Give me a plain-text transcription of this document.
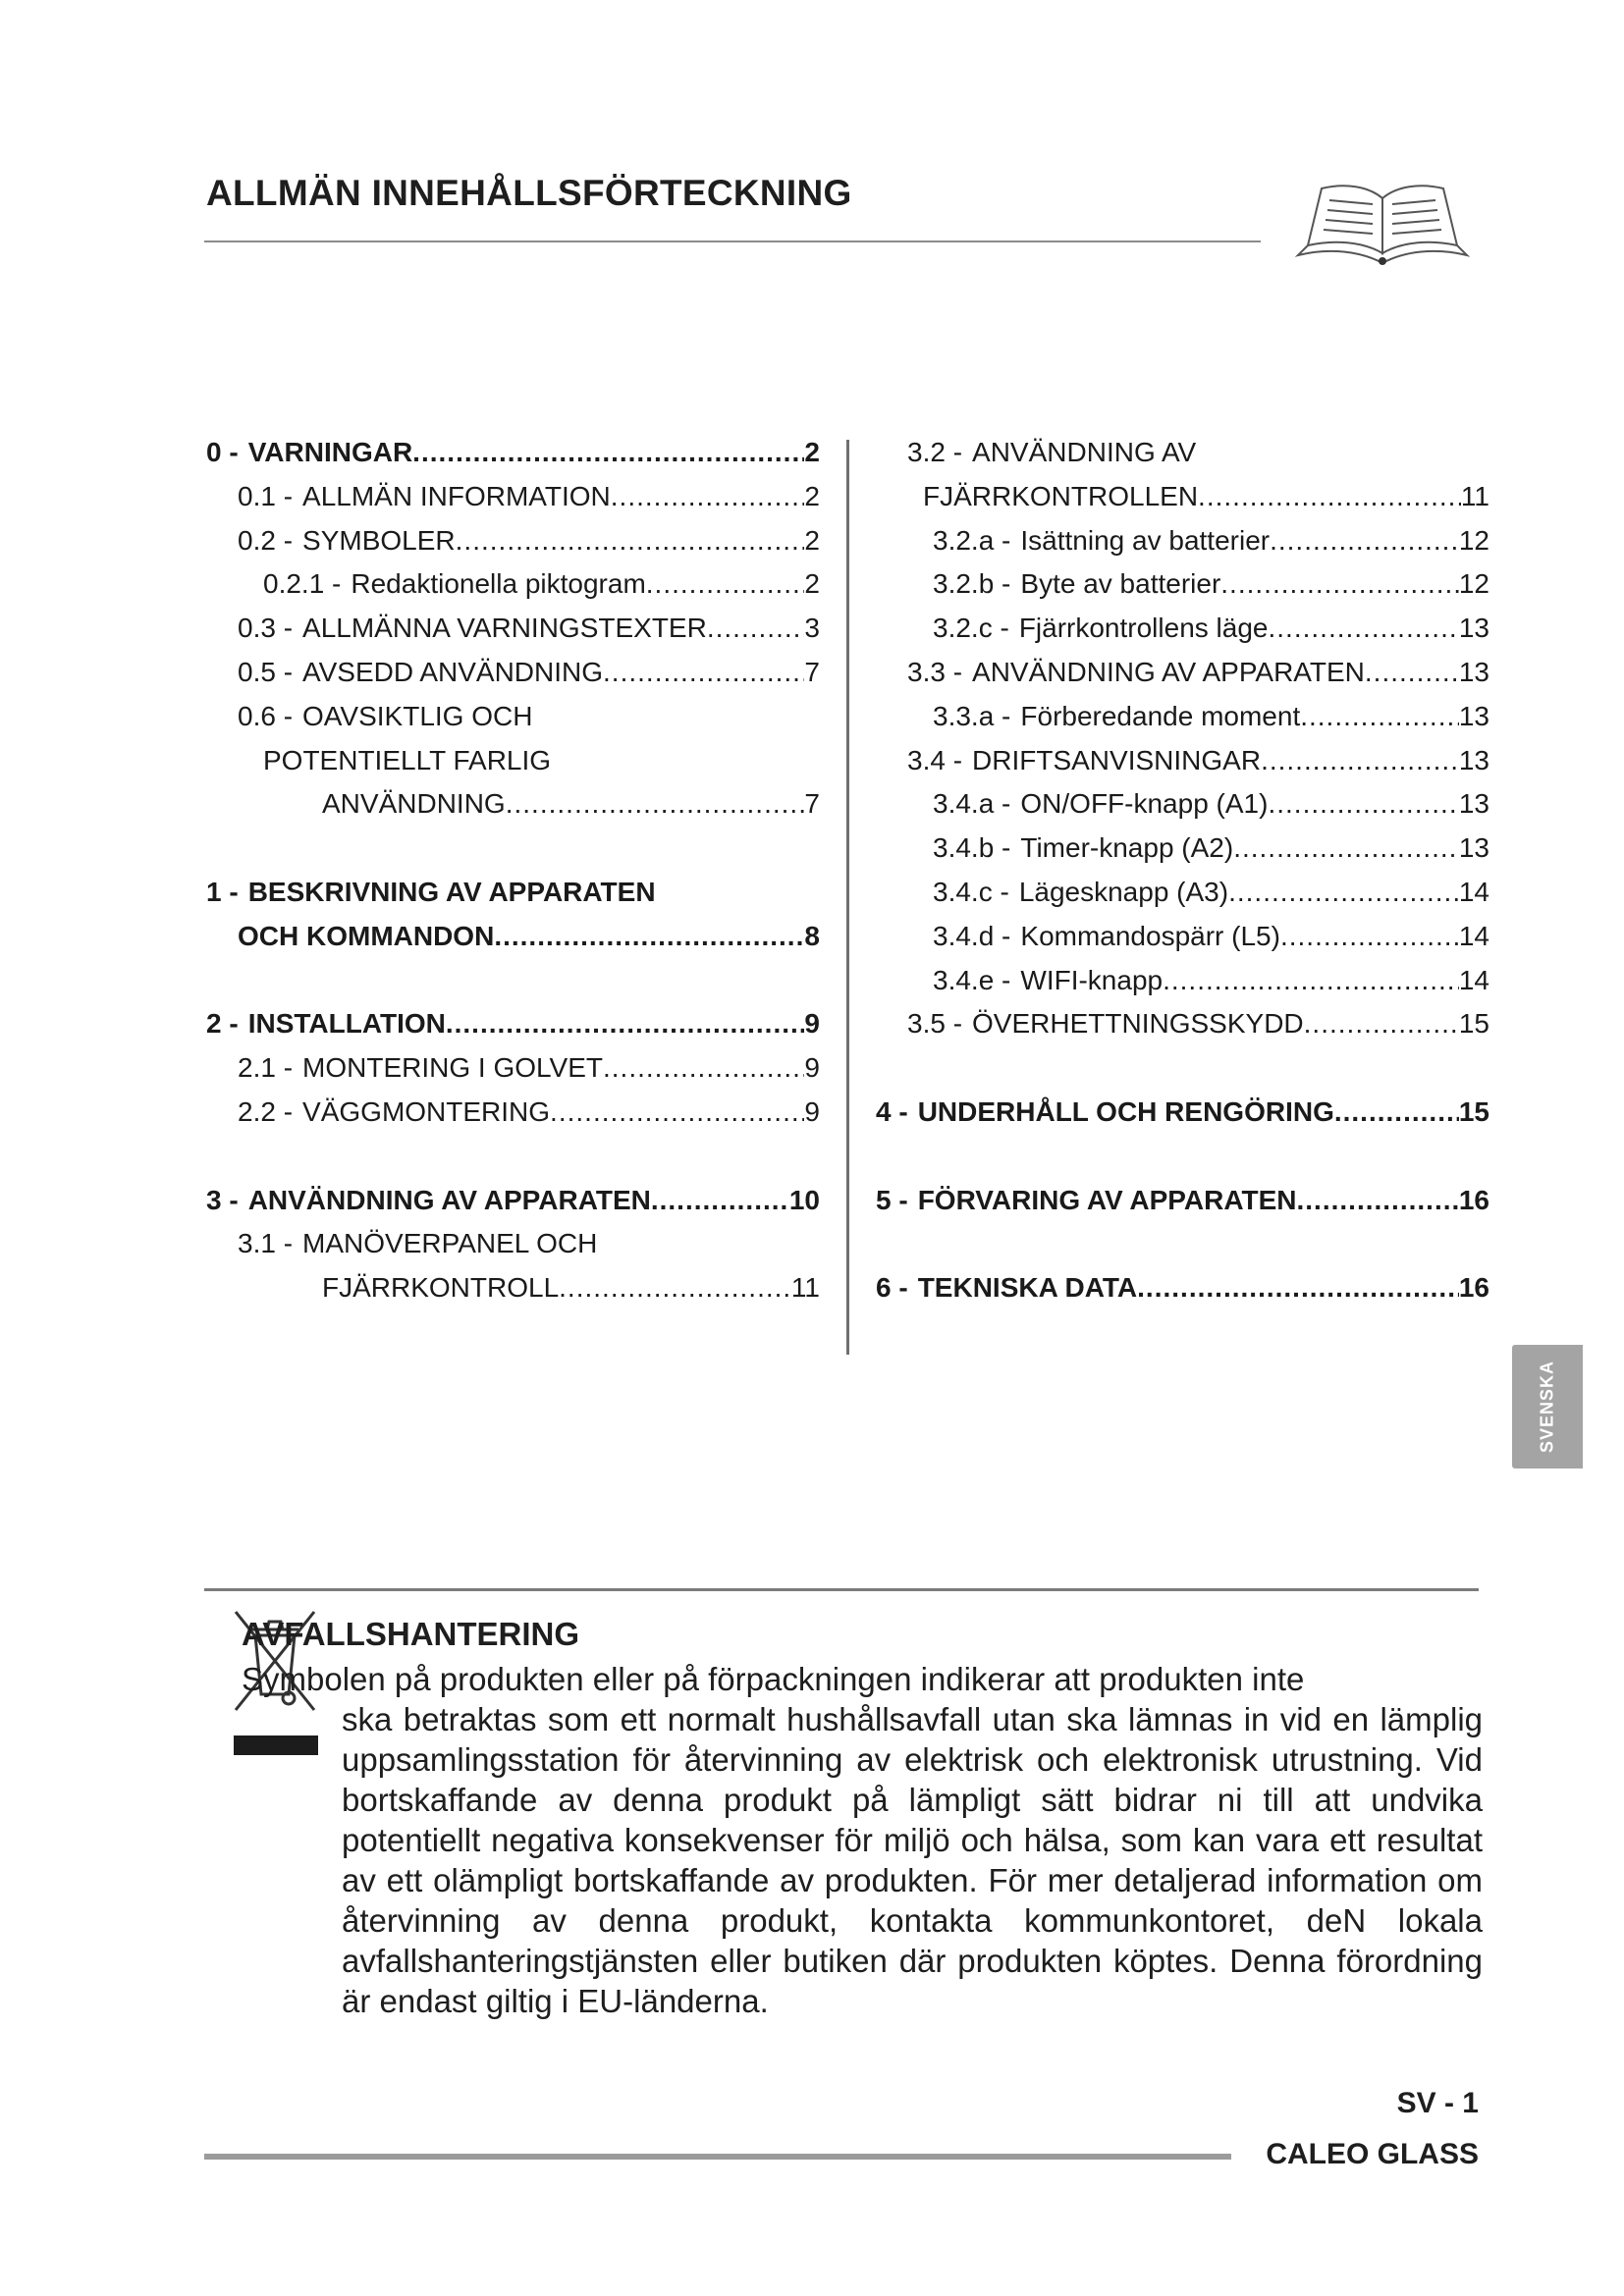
ALLMÄN INNEHÅLLSFÖRTECKNING
0 - VARNINGAR .....	2
0.1 - ALLMÄN INFORMATION .....	2
0.2 - SYMBOLER .....	2
0.2.1 - Redaktionella piktogram .....	2
0.3 - ALLMÄNNA VARNINGSTEXTER .....	3
0.5 - AVSEDD ANVÄNDNING .....	7
0.6 - OAVSIKTLIG OCH
POTENTIELLT FARLIG
ANVÄNDNING .....	7
1 - BESKRIVNING AV APPARATEN
OCH KOMMANDON .....	8
2 - INSTALLATION .....	9
2.1 - MONTERING I GOLVET .....	9
2.2 - VÄGGMONTERING .....	9
3 - ANVÄNDNING AV APPARATEN .....	10
3.1 - MANÖVERPANEL OCH
FJÄRRKONTROLL .....	11
3.2 - ANVÄNDNING AV
FJÄRRKONTROLLEN .....	11
3.2.a - Isättning av batterier .....	12
3.2.b - Byte av batterier .....	12
3.2.c - Fjärrkontrollens läge .....	13
3.3 - ANVÄNDNING AV APPARATEN .....	13
3.3.a - Förberedande moment .....	13
3.4 - DRIFTSANVISNINGAR .....	13
3.4.a - ON/OFF-knapp (A1) .....	13
3.4.b - Timer-knapp (A2) .....	13
3.4.c - Lägesknapp (A3) .....	14
3.4.d - Kommandospärr (L5) .....	14
3.4.e - WIFI-knapp .....	14
3.5 - ÖVERHETTNINGSSKYDD .....	15
4 - UNDERHÅLL OCH RENGÖRING .....	15
5 - FÖRVARING AV APPARATEN .....	16
6 - TEKNISKA DATA .....	16
SVENSKA
AVFALLSHANTERING
Symbolen på produkten eller på förpackningen indikerar att produkten inte
ska betraktas som ett normalt hushållsavfall utan ska lämnas in vid en lämplig uppsamlingsstation för återvinning av elektrisk och elektronisk utrustning. Vid bortskaffande av denna produkt på lämpligt sätt bidrar ni till att undvika potentiellt negativa konsekvenser för miljö och hälsa, som kan vara ett resultat av ett olämpligt bortskaffande av produkten. För mer detaljerad information om återvinning av denna produkt, kontakta kommunkontoret, deN lokala avfallshanteringstjänsten eller butiken där produkten köptes. Denna förordning är endast giltig i EU-länderna.
SV - 1
CALEO GLASS
